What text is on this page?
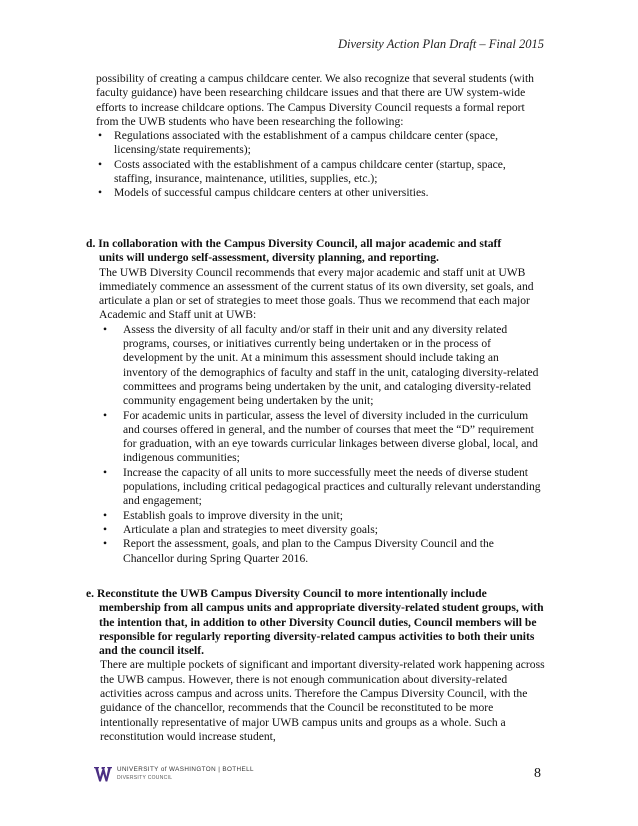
Diversity Action Plan Draft – Final 2015

possibility of creating a campus childcare center. We also recognize that several students (with faculty guidance) have been researching childcare issues and that there are UW system-wide efforts to increase childcare options. The Campus Diversity Council requests a formal report from the UWB students who have been researching the following:

• Regulations associated with the establishment of a campus childcare center (space, licensing/state requirements);
• Costs associated with the establishment of a campus childcare center (startup, space, staffing, insurance, maintenance, utilities, supplies, etc.);
• Models of successful campus childcare centers at other universities.
d. In collaboration with the Campus Diversity Council, all major academic and staff
units will undergo self-assessment, diversity planning, and reporting.

The UWB Diversity Council recommends that every major academic and staff unit at UWB immediately commence an assessment of the current status of its own diversity, set goals, and articulate a plan or set of strategies to meet those goals. Thus we recommend that each major Academic and Staff unit at UWB:

• Assess the diversity of all faculty and/or staff in their unit and any diversity related programs, courses, or initiatives currently being undertaken or in the process of development by the unit. At a minimum this assessment should include taking an inventory of the demographics of faculty and staff in the unit, cataloging diversity-related committees and programs being undertaken by the unit, and cataloging diversity-related community engagement being undertaken by the unit;
• For academic units in particular, assess the level of diversity included in the curriculum and courses offered in general, and the number of courses that meet the “D” requirement for graduation, with an eye towards curricular linkages between diverse global, local, and indigenous communities;
• Increase the capacity of all units to more successfully meet the needs of diverse student populations, including critical pedagogical practices and culturally relevant understanding and engagement;
• Establish goals to improve diversity in the unit;
• Articulate a plan and strategies to meet diversity goals;
• Report the assessment, goals, and plan to the Campus Diversity Council and the Chancellor during Spring Quarter 2016.
e. Reconstitute the UWB Campus Diversity Council to more intentionally include
membership from all campus units and appropriate diversity-related student groups, with the intention that, in addition to other Diversity Council duties, Council members will be responsible for regularly reporting diversity-related campus activities to both their units and the council itself.

There are multiple pockets of significant and important diversity-related work happening across the UWB campus. However, there is not enough communication about diversity-related activities across campus and across units. Therefore the Campus Diversity Council, with the guidance of the chancellor, recommends that the Council be reconstituted to be more intentionally representative of major UWB campus units and groups as a whole. Such a reconstitution would increase student,

UNIVERSITY of WASHINGTON | BOTHELL
DIVERSITY COUNCIL	8
